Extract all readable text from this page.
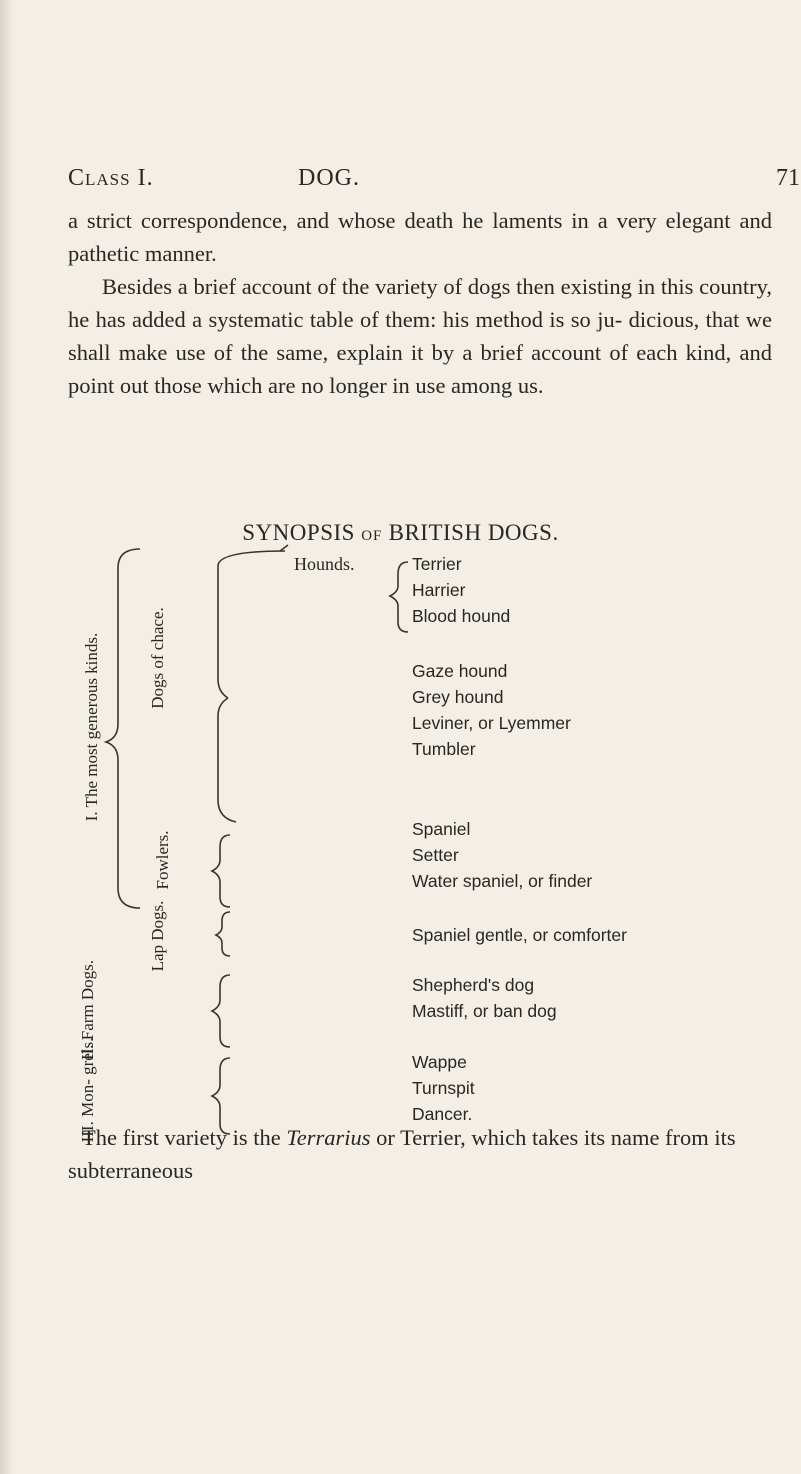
Class I.	DOG.	71

a strict correspondence, and whose death he laments in a very elegant and pathetic manner.

Besides a brief account of the variety of dogs then existing in this country, he has added a systematic table of them: his method is so ju- dicious, that we shall make use of the same, explain it by a brief account of each kind, and point out those which are no longer in use among us.

SYNOPSIS OF BRITISH DOGS.
I. The most generous kinds.
II. Farm Dogs.
III. Mon- grels.
Dogs of chace.
Fowlers.
Lap Dogs.
Hounds.	Terrier
Harrier
Blood hound
Gaze hound
Grey hound
Leviner, or Lyemmer
Tumbler
Spaniel
Setter
Water spaniel, or finder
Spaniel gentle, or comforter
Shepherd's dog
Mastiff, or ban dog
Wappe
Turnspit
Dancer.

The first variety is the Terrarius or Terrier, which takes its name from its subterraneous
